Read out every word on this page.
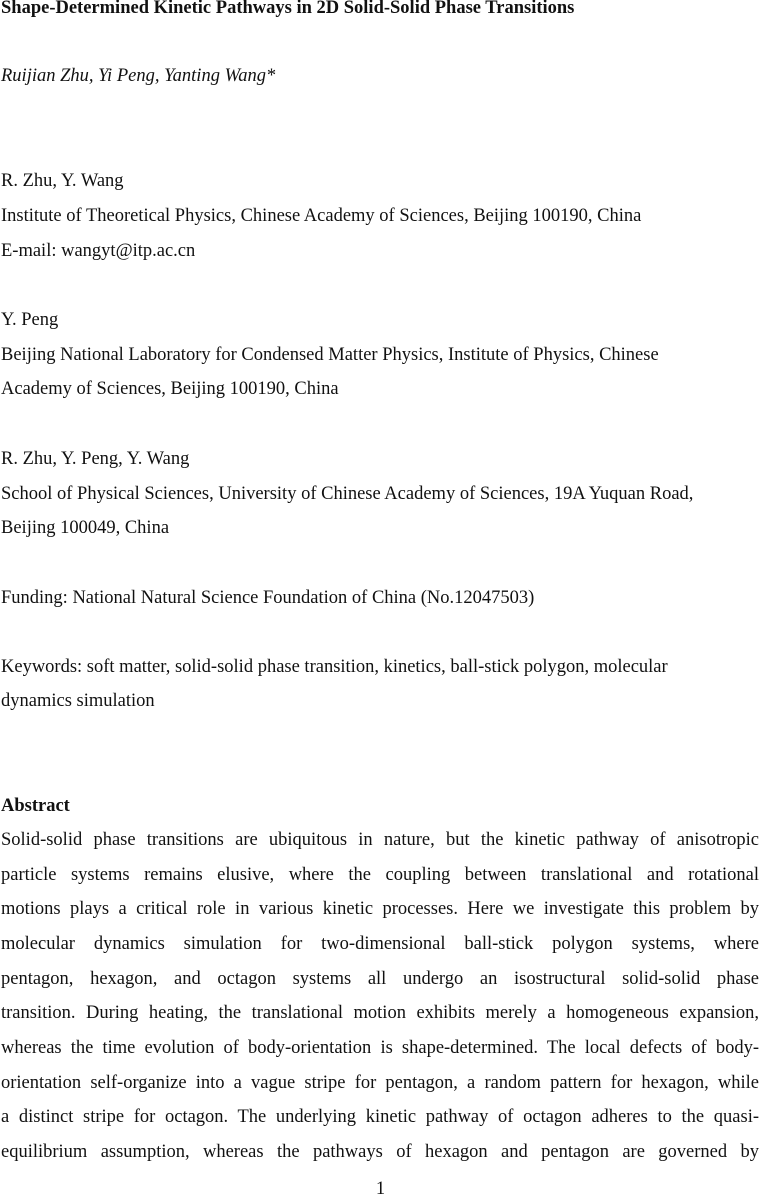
Shape-Determined Kinetic Pathways in 2D Solid-Solid Phase Transitions
Ruijian Zhu, Yi Peng, Yanting Wang*
R. Zhu, Y. Wang
Institute of Theoretical Physics, Chinese Academy of Sciences, Beijing 100190, China
E-mail: wangyt@itp.ac.cn
Y. Peng
Beijing National Laboratory for Condensed Matter Physics, Institute of Physics, Chinese
Academy of Sciences, Beijing 100190, China
R. Zhu, Y. Peng, Y. Wang
School of Physical Sciences, University of Chinese Academy of Sciences, 19A Yuquan Road,
Beijing 100049, China
Funding: National Natural Science Foundation of China (No.12047503)
Keywords: soft matter, solid-solid phase transition, kinetics, ball-stick polygon, molecular
dynamics simulation
Abstract
Solid-solid phase transitions are ubiquitous in nature, but the kinetic pathway of anisotropic
particle systems remains elusive, where the coupling between translational and rotational
motions plays a critical role in various kinetic processes. Here we investigate this problem by
molecular dynamics simulation for two-dimensional ball-stick polygon systems, where
pentagon, hexagon, and octagon systems all undergo an isostructural solid-solid phase
transition. During heating, the translational motion exhibits merely a homogeneous expansion,
whereas the time evolution of body-orientation is shape-determined. The local defects of body-
orientation self-organize into a vague stripe for pentagon, a random pattern for hexagon, while
a distinct stripe for octagon. The underlying kinetic pathway of octagon adheres to the quasi-
equilibrium assumption, whereas the pathways of hexagon and pentagon are governed by
1
